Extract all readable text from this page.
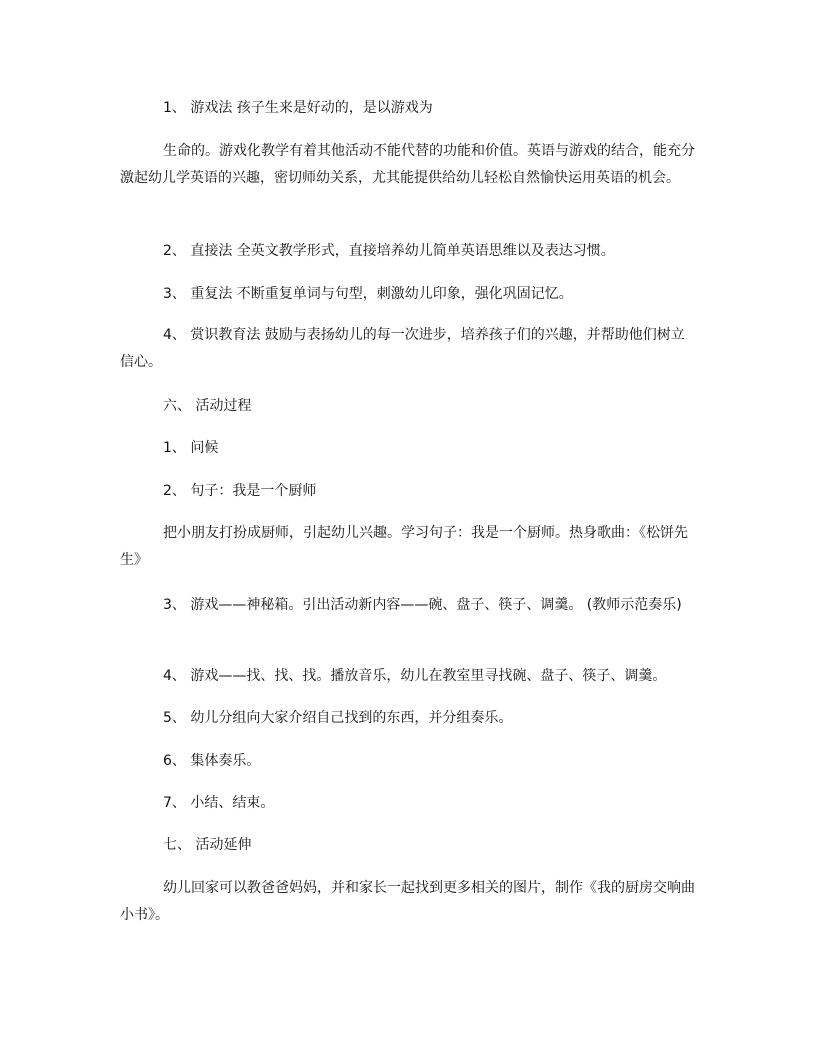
1、 游戏法 孩子生来是好动的，是以游戏为

生命的。游戏化教学有着其他活动不能代替的功能和价值。英语与游戏的结合，能充分激起幼儿学英语的兴趣，密切师幼关系，尤其能提供给幼儿轻松自然愉快运用英语的机会。

2、 直接法 全英文教学形式，直接培养幼儿简单英语思维以及表达习惯。

3、 重复法 不断重复单词与句型，刺激幼儿印象，强化巩固记忆。

4、 赏识教育法 鼓励与表扬幼儿的每一次进步，培养孩子们的兴趣，并帮助他们树立信心。

六、 活动过程

1、 问候

2、 句子：我是一个厨师

把小朋友打扮成厨师，引起幼儿兴趣。学习句子：我是一个厨师。热身歌曲：《松饼先生》

3、 游戏——神秘箱。引出活动新内容——碗、盘子、筷子、调羹。 (教师示范奏乐)

4、 游戏——找、找、找。播放音乐，幼儿在教室里寻找碗、盘子、筷子、调羹。

5、 幼儿分组向大家介绍自己找到的东西，并分组奏乐。

6、 集体奏乐。

7、 小结、结束。

七、 活动延伸

幼儿回家可以教爸爸妈妈，并和家长一起找到更多相关的图片，制作《我的厨房交响曲小书》。
